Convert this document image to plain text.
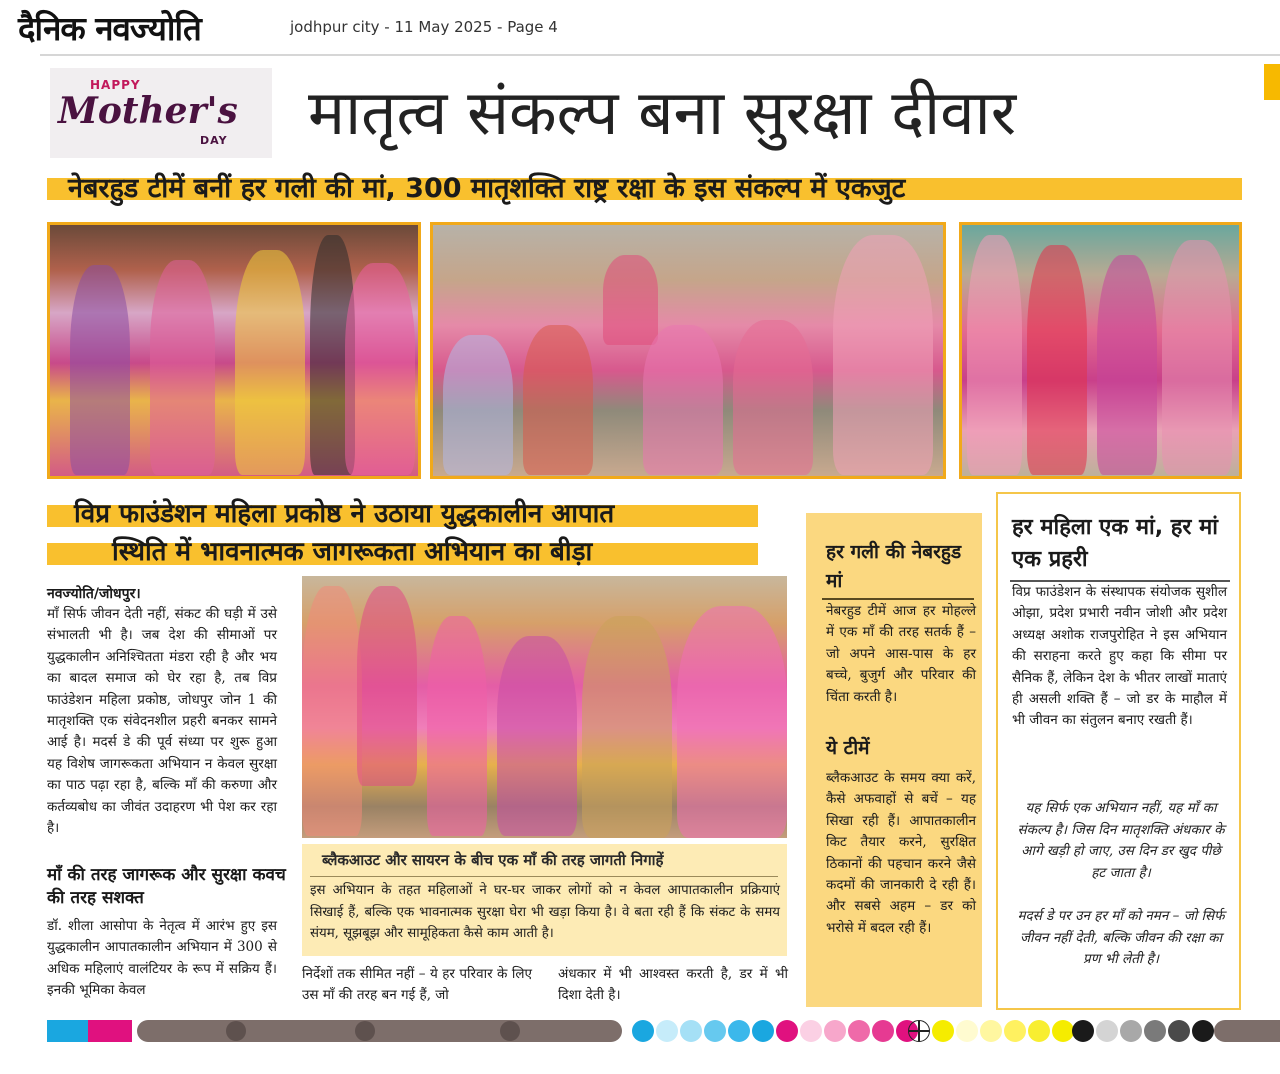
दैनिक नवज्योति	jodhpur city - 11 May 2025 - Page 4
HAPPY
Mother's
DAY मातृत्व संकल्प बना सुरक्षा दीवार
नेबरहुड टीमें बनीं हर गली की मां, 300 मातृशक्ति राष्ट्र रक्षा के इस संकल्प में एकजुट
विप्र फाउंडेशन महिला प्रकोष्ठ ने उठाया युद्धकालीन आपात
स्थिति में भावनात्मक जागरूकता अभियान का बीड़ा
नवज्योति/जोधपुर।
माँ सिर्फ जीवन देती नहीं, संकट की घड़ी में उसे संभालती भी है। जब देश की सीमाओं पर युद्धकालीन अनिश्चितता मंडरा रही है और भय का बादल समाज को घेर रहा है, तब विप्र फाउंडेशन महिला प्रकोष्ठ, जोधपुर जोन 1 की मातृशक्ति एक संवेदनशील प्रहरी बनकर सामने आई है। मदर्स डे की पूर्व संध्या पर शुरू हुआ यह विशेष जागरूकता अभियान न केवल सुरक्षा का पाठ पढ़ा रहा है, बल्कि माँ की करुणा और कर्तव्यबोध का जीवंत उदाहरण भी पेश कर रहा है।
माँ की तरह जागरूक और सुरक्षा कवच की तरह सशक्त
डॉ. शीला आसोपा के नेतृत्व में आरंभ हुए इस युद्धकालीन आपातकालीन अभियान में 300 से अधिक महिलाएं वालंटियर के रूप में सक्रिय हैं। इनकी भूमिका केवल
ब्लैकआउट और सायरन के बीच एक माँ की तरह जागती निगाहें
इस अभियान के तहत महिलाओं ने घर-घर जाकर लोगों को न केवल आपातकालीन प्रक्रियाएं सिखाई हैं, बल्कि एक भावनात्मक सुरक्षा घेरा भी खड़ा किया है। वे बता रही हैं कि संकट के समय संयम, सूझबूझ और सामूहिकता कैसे काम आती है।
निर्देशों तक सीमित नहीं – ये हर परिवार के लिए उस माँ की तरह बन गई हैं, जो
अंधकार में भी आश्वस्त करती है, डर में भी दिशा देती है।
हर गली की नेबरहुड मां
नेबरहुड टीमें आज हर मोहल्ले में एक माँ की तरह सतर्क हैं – जो अपने आस-पास के हर बच्चे, बुजुर्ग और परिवार की चिंता करती है।
ये टीमें
ब्लैकआउट के समय क्या करें, कैसे अफवाहों से बचें – यह सिखा रही हैं। आपातकालीन किट तैयार करने, सुरक्षित ठिकानों की पहचान करने जैसे कदमों की जानकारी दे रही हैं। और सबसे अहम – डर को भरोसे में बदल रही हैं।
हर महिला एक मां, हर मां एक प्रहरी
विप्र फाउंडेशन के संस्थापक संयोजक सुशील ओझा, प्रदेश प्रभारी नवीन जोशी और प्रदेश अध्यक्ष अशोक राजपुरोहित ने इस अभियान की सराहना करते हुए कहा कि सीमा पर सैनिक हैं, लेकिन देश के भीतर लाखों माताएं ही असली शक्ति हैं – जो डर के माहौल में भी जीवन का संतुलन बनाए रखती हैं।
यह सिर्फ एक अभियान नहीं, यह माँ का संकल्प है। जिस दिन मातृशक्ति अंधकार के आगे खड़ी हो जाए, उस दिन डर खुद पीछे हट जाता है।
मदर्स डे पर उन हर माँ को नमन – जो सिर्फ जीवन नहीं देती, बल्कि जीवन की रक्षा का प्रण भी लेती है।
